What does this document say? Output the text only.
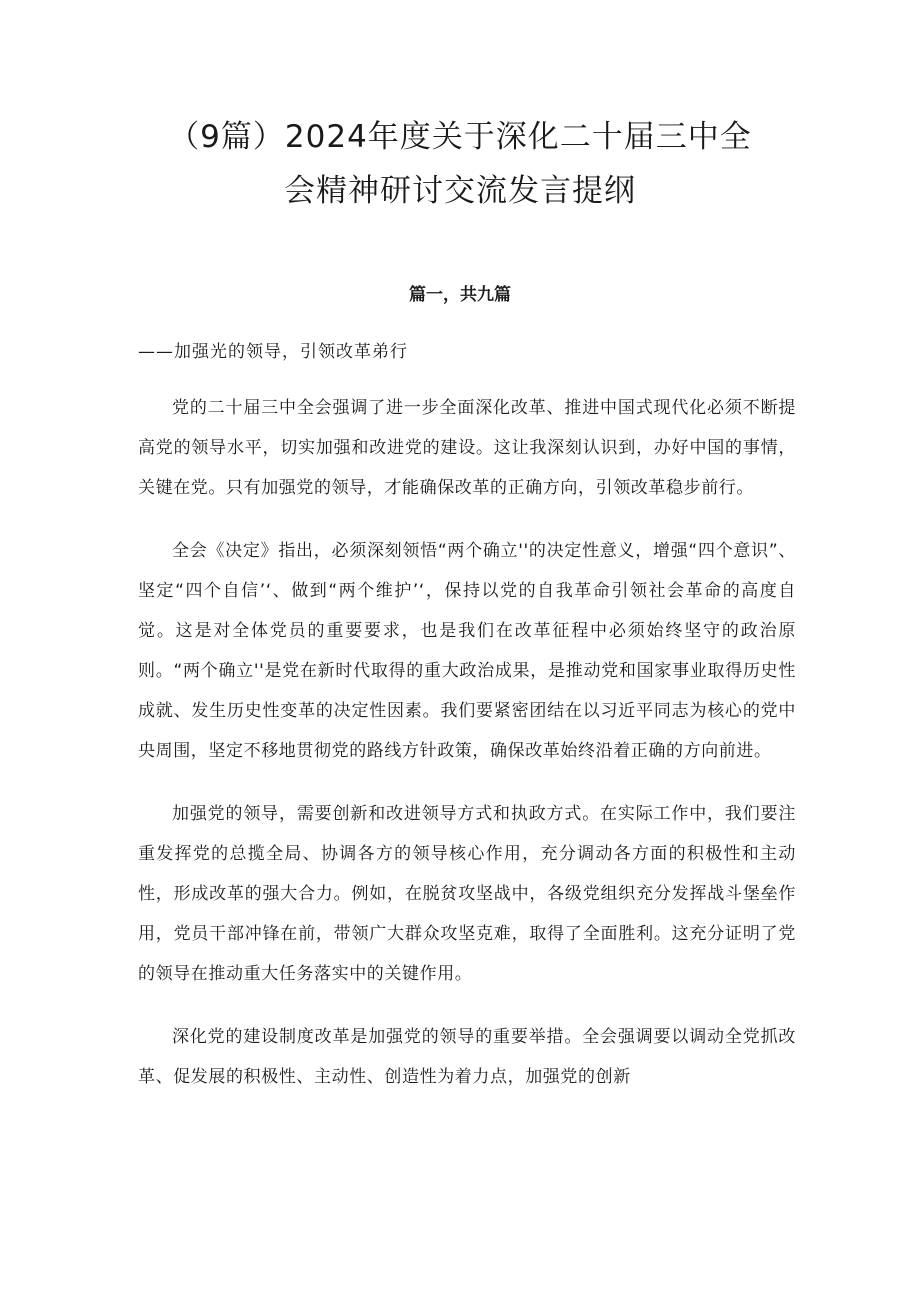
（9篇）2024年度关于深化二十届三中全
会精神研讨交流发言提纲
篇一，共九篇
——加强光的领导，引领改革弟行

党的二十届三中全会强调了进一步全面深化改革、推进中国式现代化必须不断提高党的领导水平，切实加强和改进党的建设。这让我深刻认识到，办好中国的事情，关键在党。只有加强党的领导，才能确保改革的正确方向，引领改革稳步前行。

全会《决定》指出，必须深刻领悟“两个确立''的决定性意义，增强“四个意识”、坚定“四个自信’‘、做到“两个维护’‘，保持以党的自我革命引领社会革命的高度自觉。这是对全体党员的重要要求，也是我们在改革征程中必须始终坚守的政治原则。“两个确立''是党在新时代取得的重大政治成果，是推动党和国家事业取得历史性成就、发生历史性变革的决定性因素。我们要紧密团结在以习近平同志为核心的党中央周围，坚定不移地贯彻党的路线方针政策，确保改革始终沿着正确的方向前进。

加强党的领导，需要创新和改进领导方式和执政方式。在实际工作中，我们要注重发挥党的总揽全局、协调各方的领导核心作用，充分调动各方面的积极性和主动性，形成改革的强大合力。例如，在脱贫攻坚战中，各级党组织充分发挥战斗堡垒作用，党员干部冲锋在前，带领广大群众攻坚克难，取得了全面胜利。这充分证明了党的领导在推动重大任务落实中的关键作用。

深化党的建设制度改革是加强党的领导的重要举措。全会强调要以调动全党抓改革、促发展的积极性、主动性、创造性为着力点，加强党的创新
